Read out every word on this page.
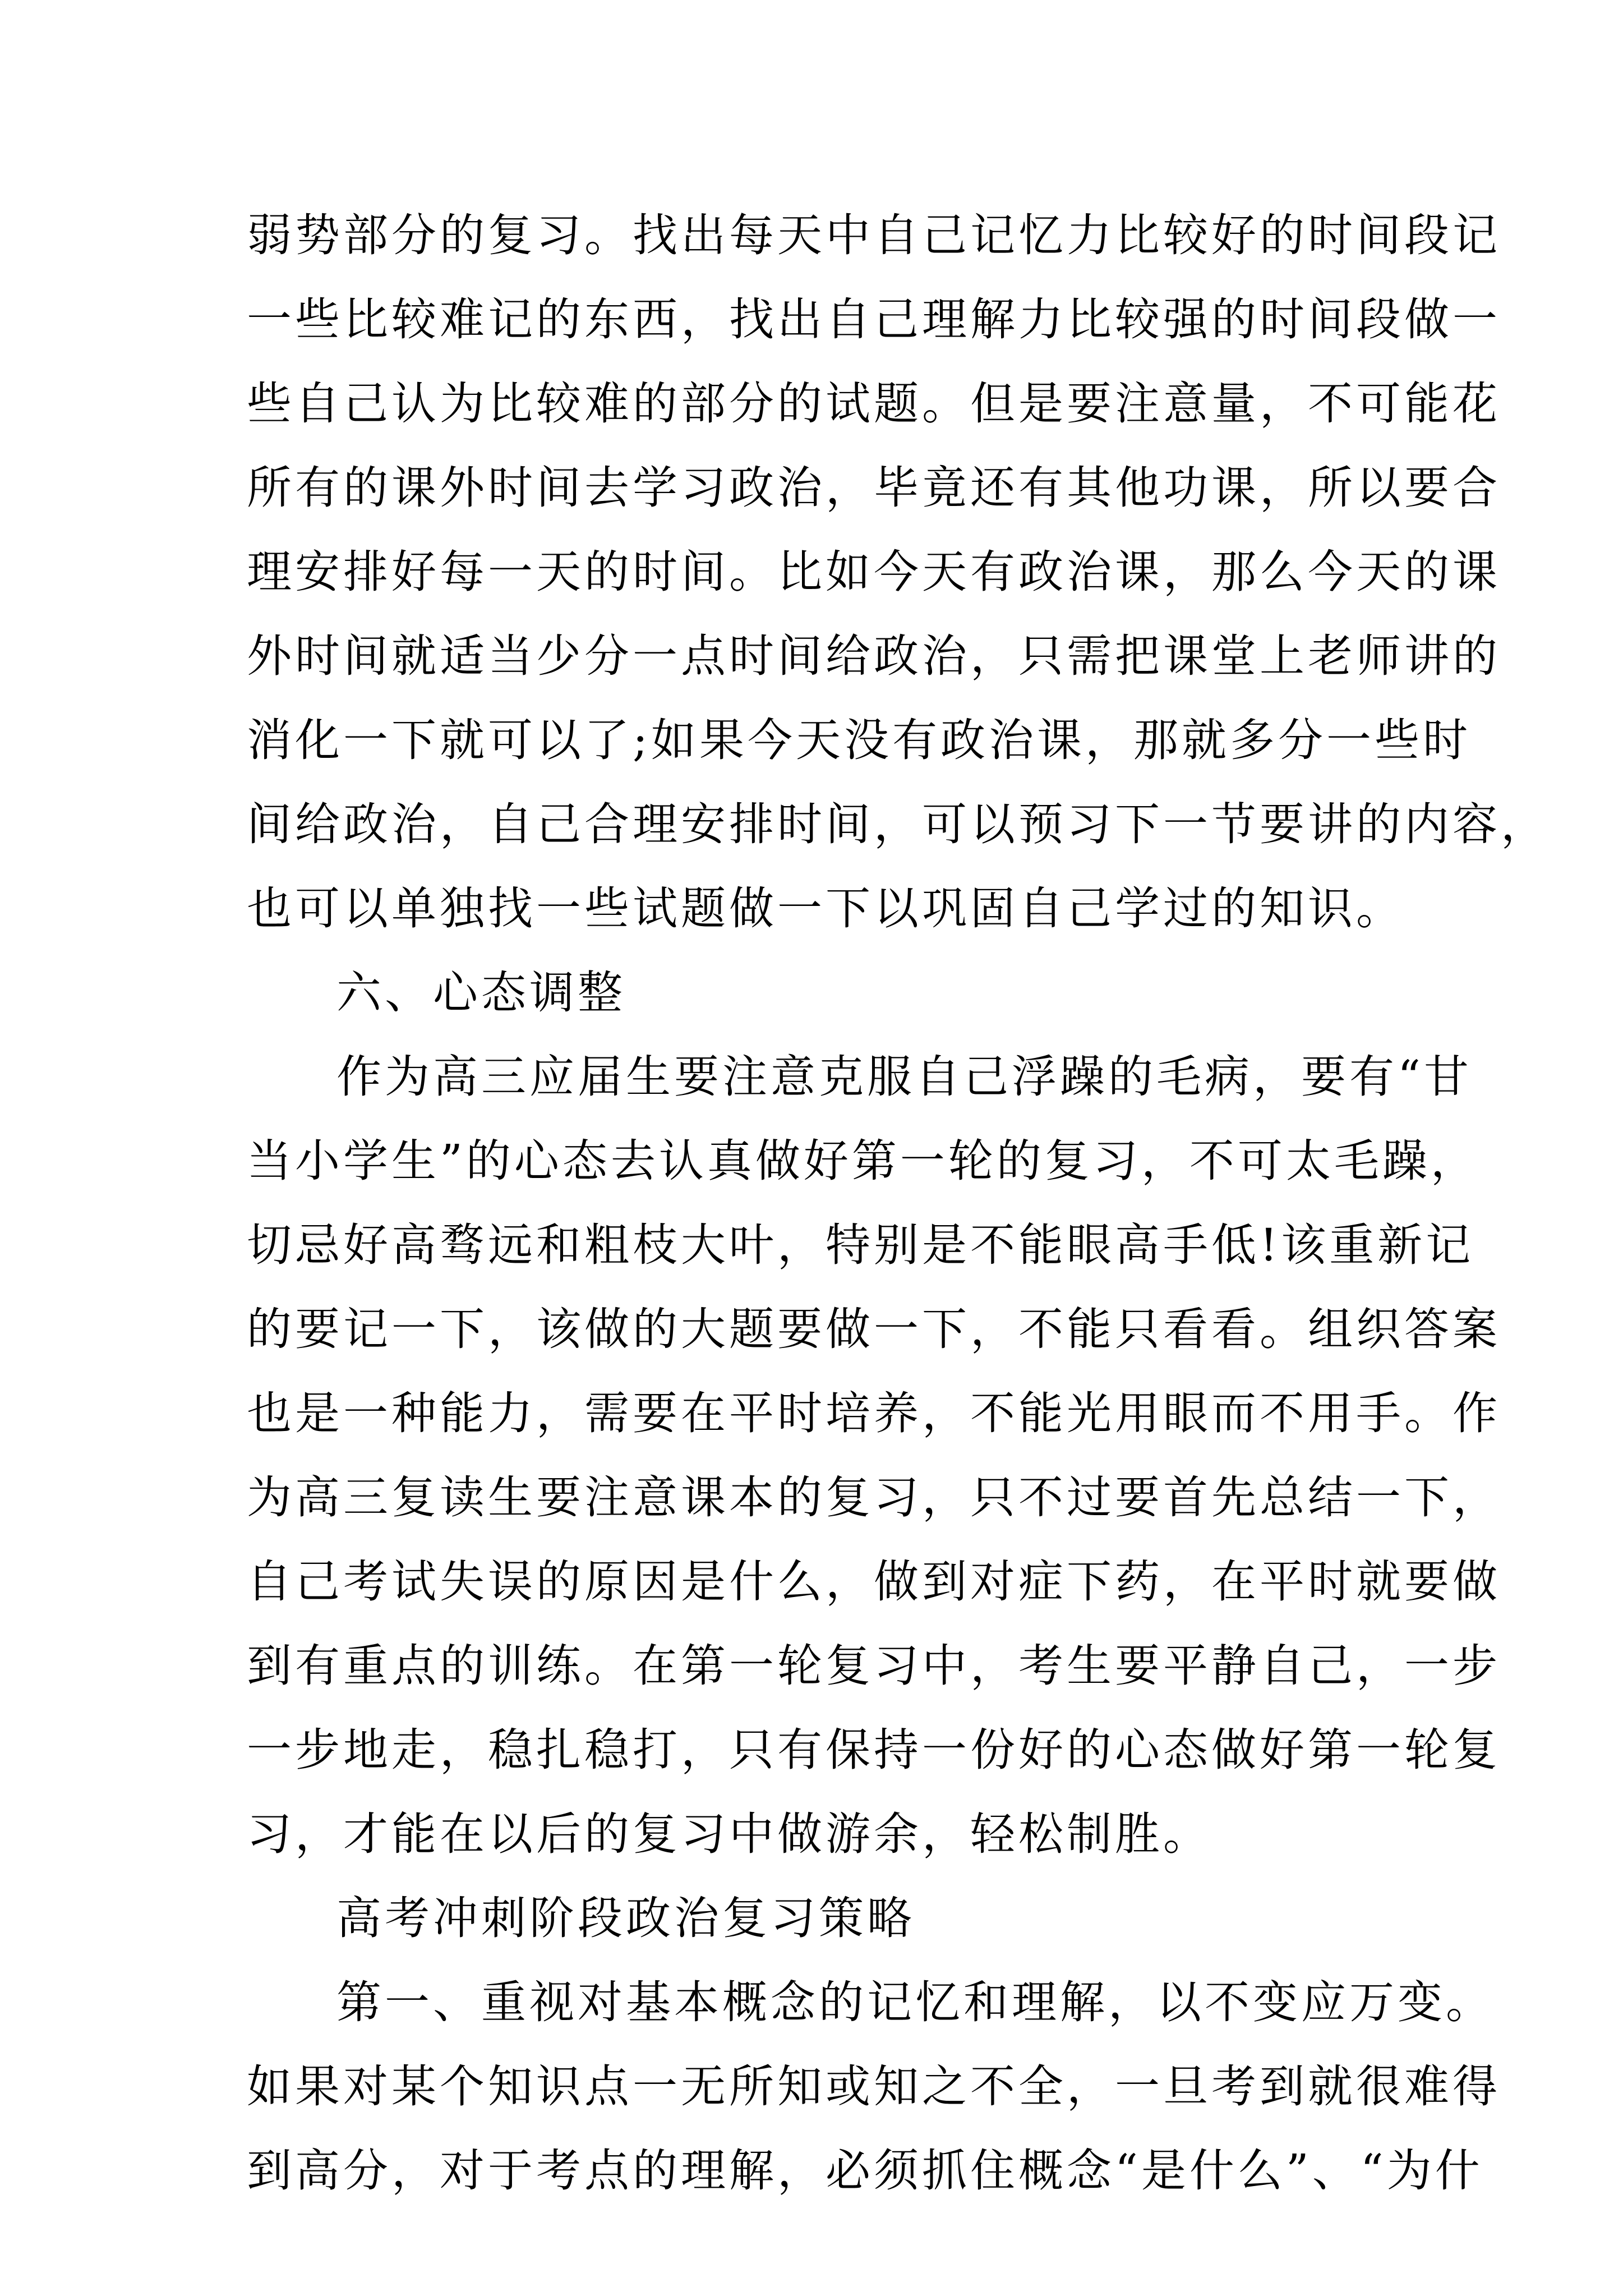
弱势部分的复习。找出每天中自己记忆力比较好的时间段记
一些比较难记的东西，找出自己理解力比较强的时间段做一
些自己认为比较难的部分的试题。但是要注意量，不可能花
所有的课外时间去学习政治，毕竟还有其他功课，所以要合
理安排好每一天的时间。比如今天有政治课，那么今天的课
外时间就适当少分一点时间给政治，只需把课堂上老师讲的
消化一下就可以了;如果今天没有政治课，那就多分一些时
间给政治，自己合理安排时间，可以预习下一节要讲的内容，
也可以单独找一些试题做一下以巩固自己学过的知识。
六、心态调整
作为高三应届生要注意克服自己浮躁的毛病，要有“甘
当小学生”的心态去认真做好第一轮的复习，不可太毛躁，
切忌好高骛远和粗枝大叶，特别是不能眼高手低!该重新记
的要记一下，该做的大题要做一下，不能只看看。组织答案
也是一种能力，需要在平时培养，不能光用眼而不用手。作
为高三复读生要注意课本的复习，只不过要首先总结一下，
自己考试失误的原因是什么，做到对症下药，在平时就要做
到有重点的训练。在第一轮复习中，考生要平静自己，一步
一步地走，稳扎稳打，只有保持一份好的心态做好第一轮复
习，才能在以后的复习中做游余，轻松制胜。
高考冲刺阶段政治复习策略
第一、重视对基本概念的记忆和理解，以不变应万变。
如果对某个知识点一无所知或知之不全，一旦考到就很难得
到高分，对于考点的理解，必须抓住概念“是什么”、“为什
